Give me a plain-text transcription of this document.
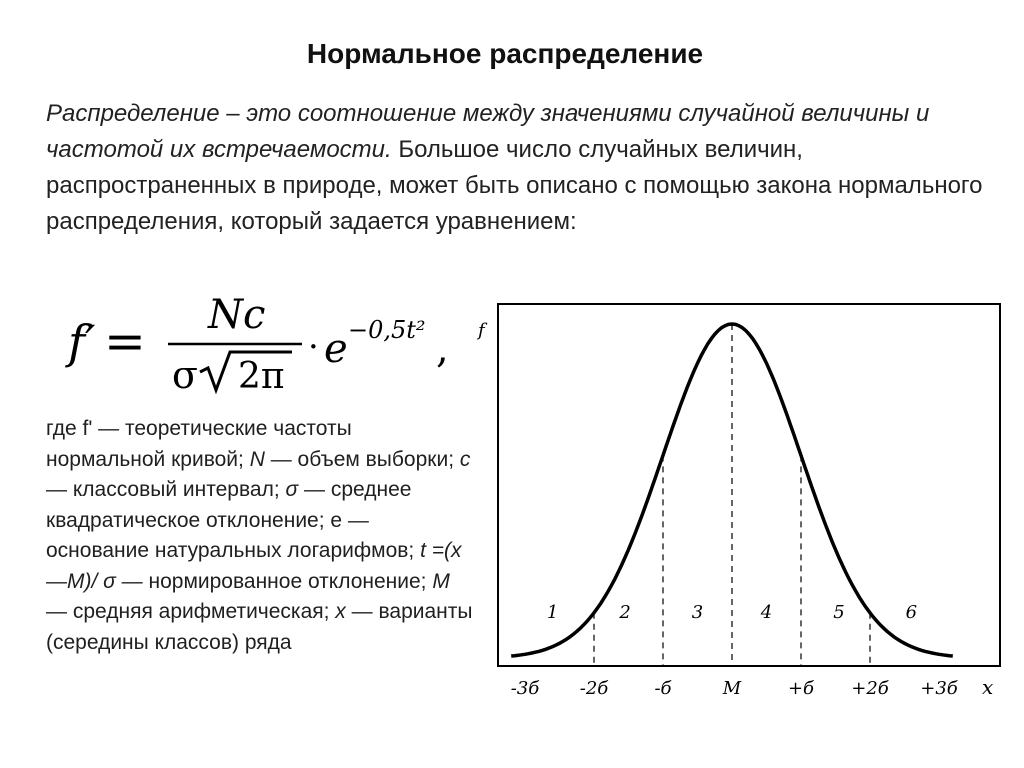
Нормальное распределение
Распределение – это соотношение между значениями случайной величины и частотой их встречаемости. Большое число случайных величин, распространенных в природе, может быть описано с помощью закона нормального распределения, который задается уравнением:
f′ = Nc
σ 2π
· e −0,5t² ,
где f' — теоретические частоты нормальной кривой; N — объем выборки; c — классовый интервал; σ — среднее квадратическое отклонение; е — основание натуральных логарифмов; t =(x—M)/ σ — нормированное отклонение; M — средняя арифметическая; x — варианты (середины классов) ряда
1	2	3	4	5	6
-3б -2б	-б	M	+б +2б +3б
f
x
